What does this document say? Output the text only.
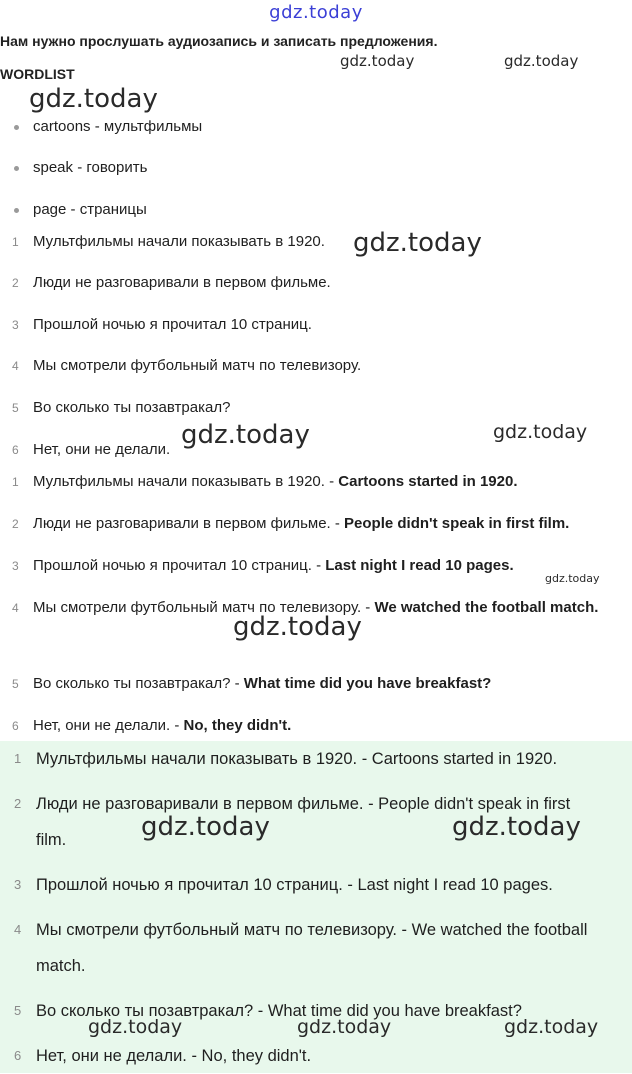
gdz.today
Нам нужно прослушать аудиозапись и записать предложения.
WORDLIST
cartoons - мультфильмы
speak - говорить
page - страницы
1 Мультфильмы начали показывать в 1920.
2 Люди не разговаривали в первом фильме.
3 Прошлой ночью я прочитал 10 страниц.
4 Мы смотрели футбольный матч по телевизору.
5 Во сколько ты позавтракал?
6 Нет, они не делали.
1 Мультфильмы начали показывать в 1920. - Cartoons started in 1920.
2 Люди не разговаривали в первом фильме. - People didn't speak in first film.
3 Прошлой ночью я прочитал 10 страниц. - Last night I read 10 pages.
4 Мы смотрели футбольный матч по телевизору. - We watched the football match.
5 Во сколько ты позавтракал? - What time did you have breakfast?
6 Нет, они не делали. - No, they didn't.
1 Мультфильмы начали показывать в 1920. - Cartoons started in 1920.
2 Люди не разговаривали в первом фильме. - People didn't speak in first film.
3 Прошлой ночью я прочитал 10 страниц. - Last night I read 10 pages.
4 Мы смотрели футбольный матч по телевизору. - We watched the football match.
5 Во сколько ты позавтракал? - What time did you have breakfast?
6 Нет, они не делали. - No, they didn't.
gdz.today	gdz.today
gdz.today
gdz.today
gdz.today	gdz.today
gdz.today
gdz.today
gdz.today	gdz.today
gdz.today	gdz.today	gdz.today
